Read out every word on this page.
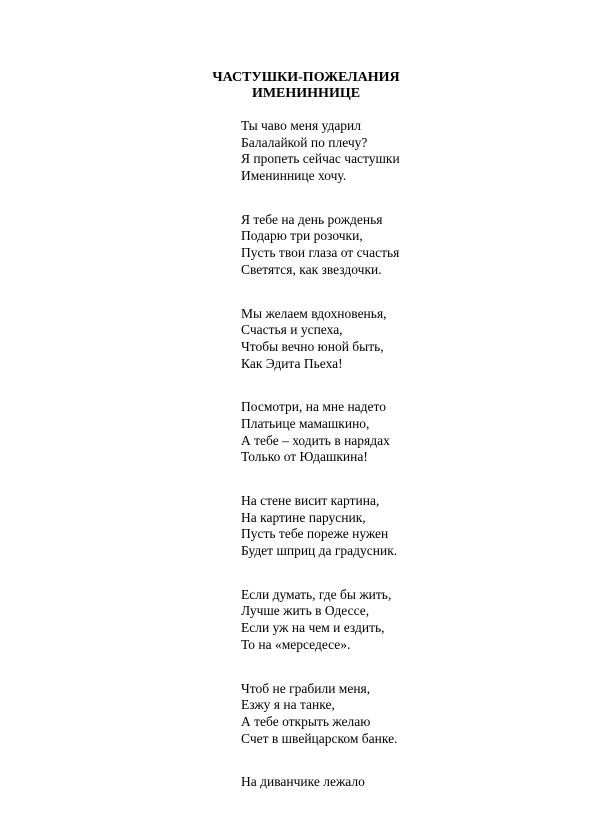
ЧАСТУШКИ-ПОЖЕЛАНИЯ
ИМЕНИННИЦЕ
Ты чаво меня ударил
Балалайкой по плечу?
Я пропеть сейчас частушки
Имениннице хочу.
Я тебе на день рожденья
Подарю три розочки,
Пусть твои глаза от счастья
Светятся, как звездочки.
Мы желаем вдохновенья,
Счастья и успеха,
Чтобы вечно юной быть,
Как Эдита Пьеха!
Посмотри, на мне надето
Платьице мамашкино,
А тебе – ходить в нарядах
Только от Юдашкина!
На стене висит картина,
На картине парусник,
Пусть тебе пореже нужен
Будет шприц да градусник.
Если думать, где бы жить,
Лучше жить в Одессе,
Если уж на чем и ездить,
То на «мерседесе».
Чтоб не грабили меня,
Езжу я на танке,
А тебе открыть желаю
Счет в швейцарском банке.
На диванчике лежало
